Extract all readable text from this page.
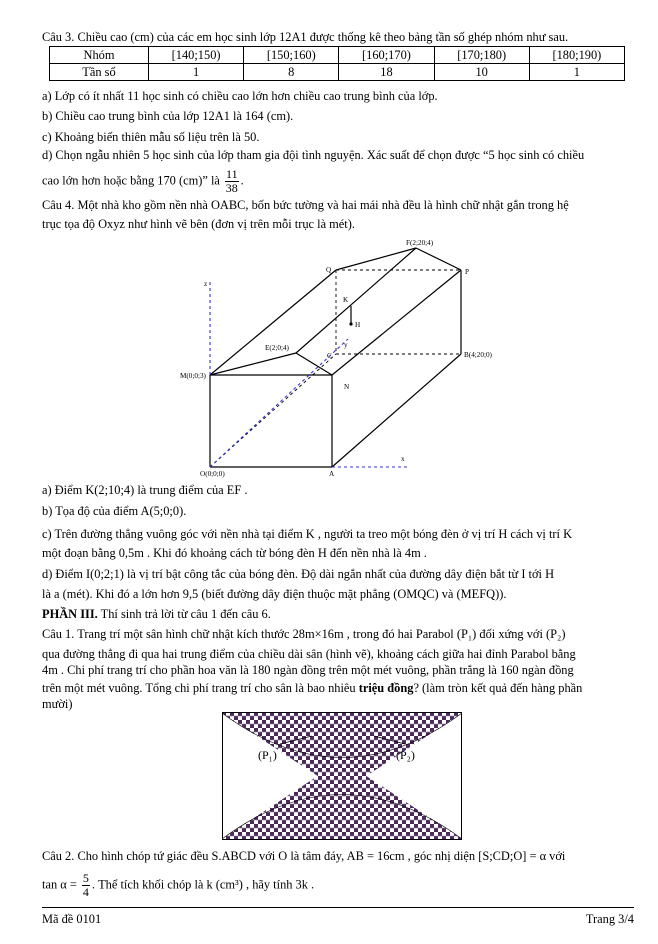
Câu 3. Chiều cao (cm) của các em học sinh lớp 12A1 được thống kê theo bảng tần số ghép nhóm như sau.
Nhóm	[140;150)	[150;160)	[160;170)	[170;180)	[180;190)
Tần số	1	8	18	10	1
a) Lớp có ít nhất 11 học sinh có chiều cao lớn hơn chiều cao trung bình của lớp.
b) Chiều cao trung bình của lớp 12A1 là 164 (cm).
c) Khoảng biến thiên mẫu số liệu trên là 50.
d) Chọn ngẫu nhiên 5 học sinh của lớp tham gia đội tình nguyện. Xác suất để chọn được “5 học sinh có chiều
cao lớn hơn hoặc bằng 170 (cm)” là $\frac{11}{38}$ .
Câu 4. Một nhà kho gồm nền nhà OABC, bốn bức tường và hai mái nhà đều là hình chữ nhật gắn trong hệ
trục tọa độ Oxyz như hình vẽ bên (đơn vị trên mỗi trục là mét).
F(2;20;4)
Q	P
K
H
z
E(2;0;4)
C
y
B(4;20;0)
M(0;0;3)
N
x
O(0;0;0)	A
a) Điểm K(2;10;4) là trung điểm của EF .
b) Tọa độ của điểm A(5;0;0).
c) Trên đường thẳng vuông góc với nền nhà tại điểm K , người ta treo một bóng đèn ở vị trí H cách vị trí K
một đoạn bằng 0,5m . Khi đó khoảng cách từ bóng đèn H đến nền nhà là 4m .
d) Điểm I(0;2;1) là vị trí bật công tắc của bóng đèn. Độ dài ngắn nhất của đường dây điện bắt từ I tới H
là a (mét). Khi đó a lớn hơn 9,5 (biết đường dây điện thuộc mặt phẳng (OMQC) và (MEFQ)).
PHẦN III. Thí sinh trả lời từ câu 1 đến câu 6.
Câu 1. Trang trí một sân hình chữ nhật kích thước 28m×16m , trong đó hai Parabol (P₁) đối xứng với (P₂)
qua đường thẳng đi qua hai trung điểm của chiều dài sân (hình vẽ), khoảng cách giữa hai đỉnh Parabol bằng
4m . Chi phí trang trí cho phần hoa văn là 180 ngàn đồng trên một mét vuông, phần trắng là 160 ngàn đồng
trên một mét vuông. Tổng chi phí trang trí cho sân là bao nhiêu triệu đồng? (làm tròn kết quả đến hàng phần
mười)
(P₁)	(P₂)
Câu 2. Cho hình chóp tứ giác đều S.ABCD với O là tâm đáy, AB = 16cm , góc nhị diện [S;CD;O] = α với
$\tan \alpha = \frac{5}{4}$ . Thể tích khối chóp là k (cm³) , hãy tính 3k .
Mã đề 0101	Trang 3/4
